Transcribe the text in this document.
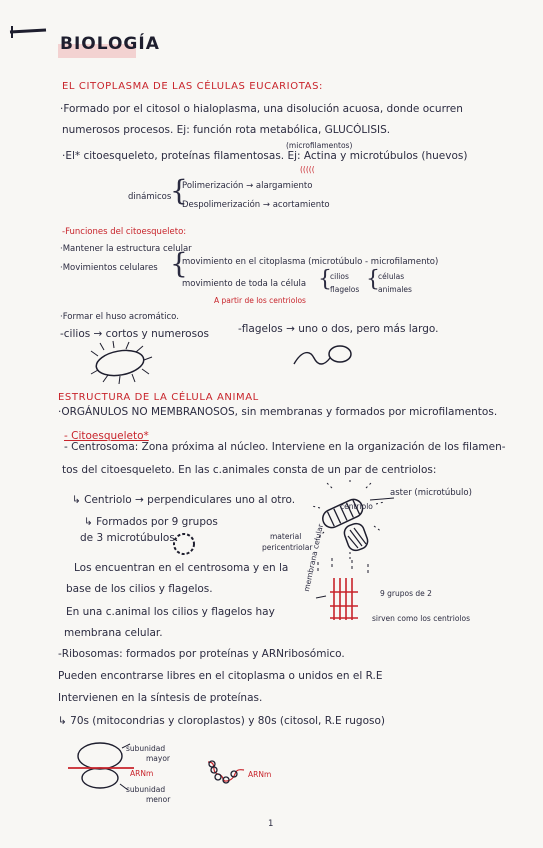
BIOLOGÍA
EL CITOPLASMA DE LAS CÉLULAS EUCARIOTAS:
·Formado por el citosol o hialoplasma, una disolución acuosa, donde ocurren
numerosos procesos. Ej: función rota metabólica, GLUCÓLISIS.
(microfilamentos)
·El* citoesqueleto, proteínas filamentosas. Ej: Actina y microtúbulos (huevos)
(((((
dinámicos
{
Polimerización → alargamiento
Despolimerización → acortamiento
-Funciones del citoesqueleto:
·Mantener la estructura celular
·Movimientos celulares {
movimiento en el citoplasma (microtúbulo - microfilamento)
movimiento de toda la célula {
cilios
flagelos {
células
animales
A partir de los centriolos
·Formar el huso acromático.
-cilios → cortos y numerosos	-flagelos → uno o dos, pero más largo.
ESTRUCTURA DE LA CÉLULA ANIMAL
·ORGÁNULOS NO MEMBRANOSOS, sin membranas y formados por microfilamentos.
- Citoesqueleto*
- Centrosoma: Zona próxima al núcleo. Interviene en la organización de los filamen-
tos del citoesqueleto. En las c.animales consta de un par de centriolos:
aster (microtúbulo)
↳ Centriolo → perpendiculares uno al otro.
↳ Formados por 9 grupos
de 3 microtúbulos.	material
pericentriolar
centriolo
Los encuentran en el centrosoma y en la
base de los cilios y flagelos.	membrana celular
9 grupos de 2
sirven como los centriolos
En una c.animal los cilios y flagelos hay
membrana celular.
-Ribosomas: formados por proteínas y ARNribosómico.
Pueden encontrarse libres en el citoplasma o unidos en el R.E
Intervienen en la síntesis de proteínas.
↳ 70s (mitocondrias y cloroplastos) y 80s (citosol, R.E rugoso)
subunidad
mayor
ARNm
subunidad
menor
ARNm
1
